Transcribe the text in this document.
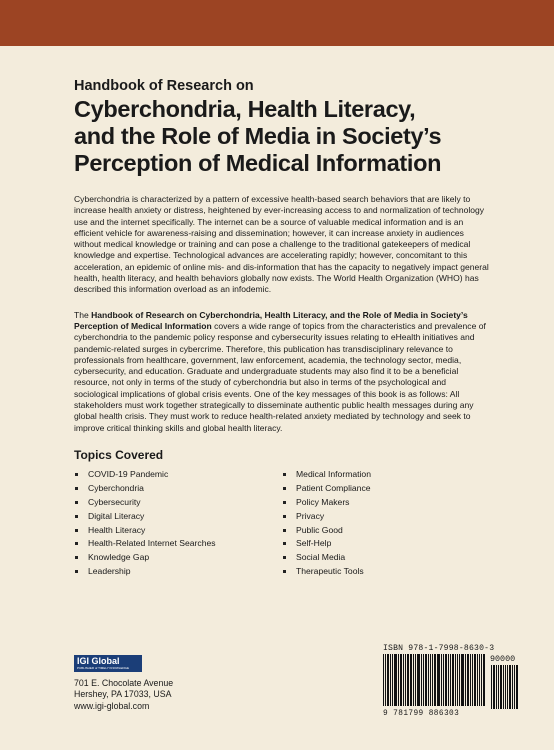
Handbook of Research on
Cyberchondria, Health Literacy,
and the Role of Media in Society’s
Perception of Medical Information

Cyberchondria is characterized by a pattern of excessive health-based search behaviors that are likely to increase health anxiety or distress, heightened by ever-increasing access to and normalization of technology use and the internet specifically. The internet can be a source of valuable medical information and is an efficient vehicle for awareness-raising and dissemination; however, it can increase anxiety in audiences without medical knowledge or training and can pose a challenge to the traditional gatekeepers of medical knowledge and expertise. Technological advances are accelerating rapidly; however, concomitant to this acceleration, an epidemic of online mis- and dis-information that has the capacity to negatively impact general health, health literacy, and health behaviors globally now exists. The World Health Organization (WHO) has described this information overload as an infodemic.

The Handbook of Research on Cyberchondria, Health Literacy, and the Role of Media in Society’s Perception of Medical Information covers a wide range of topics from the characteristics and prevalence of cyberchondria to the pandemic policy response and cybersecurity issues relating to eHealth initiatives and pandemic-related surges in cybercrime. Therefore, this publication has transdisciplinary relevance to professionals from healthcare, government, law enforcement, academia, the technology sector, media, cybersecurity, and education. Graduate and undergraduate students may also find it to be a beneficial resource, not only in terms of the study of cyberchondria but also in terms of the psychological and sociological implications of global crisis events. One of the key messages of this book is as follows: All stakeholders must work together strategically to disseminate authentic public health messages during any global health crisis. They must work to reduce health-related anxiety mediated by technology and seek to improve critical thinking skills and global health literacy.

Topics Covered
COVID-19 Pandemic
Cyberchondria
Cybersecurity
Digital Literacy
Health Literacy
Health-Related Internet Searches
Knowledge Gap
Leadership
Medical Information
Patient Compliance
Policy Makers
Privacy
Public Good
Self-Help
Social Media
Therapeutic Tools
IGI Global
PUBLISHER of TIMELY KNOWLEDGE
701 E. Chocolate Avenue
Hershey, PA 17033, USA
www.igi-global.com
ISBN 978-1-7998-8630-3
90000
9 781799 886303
